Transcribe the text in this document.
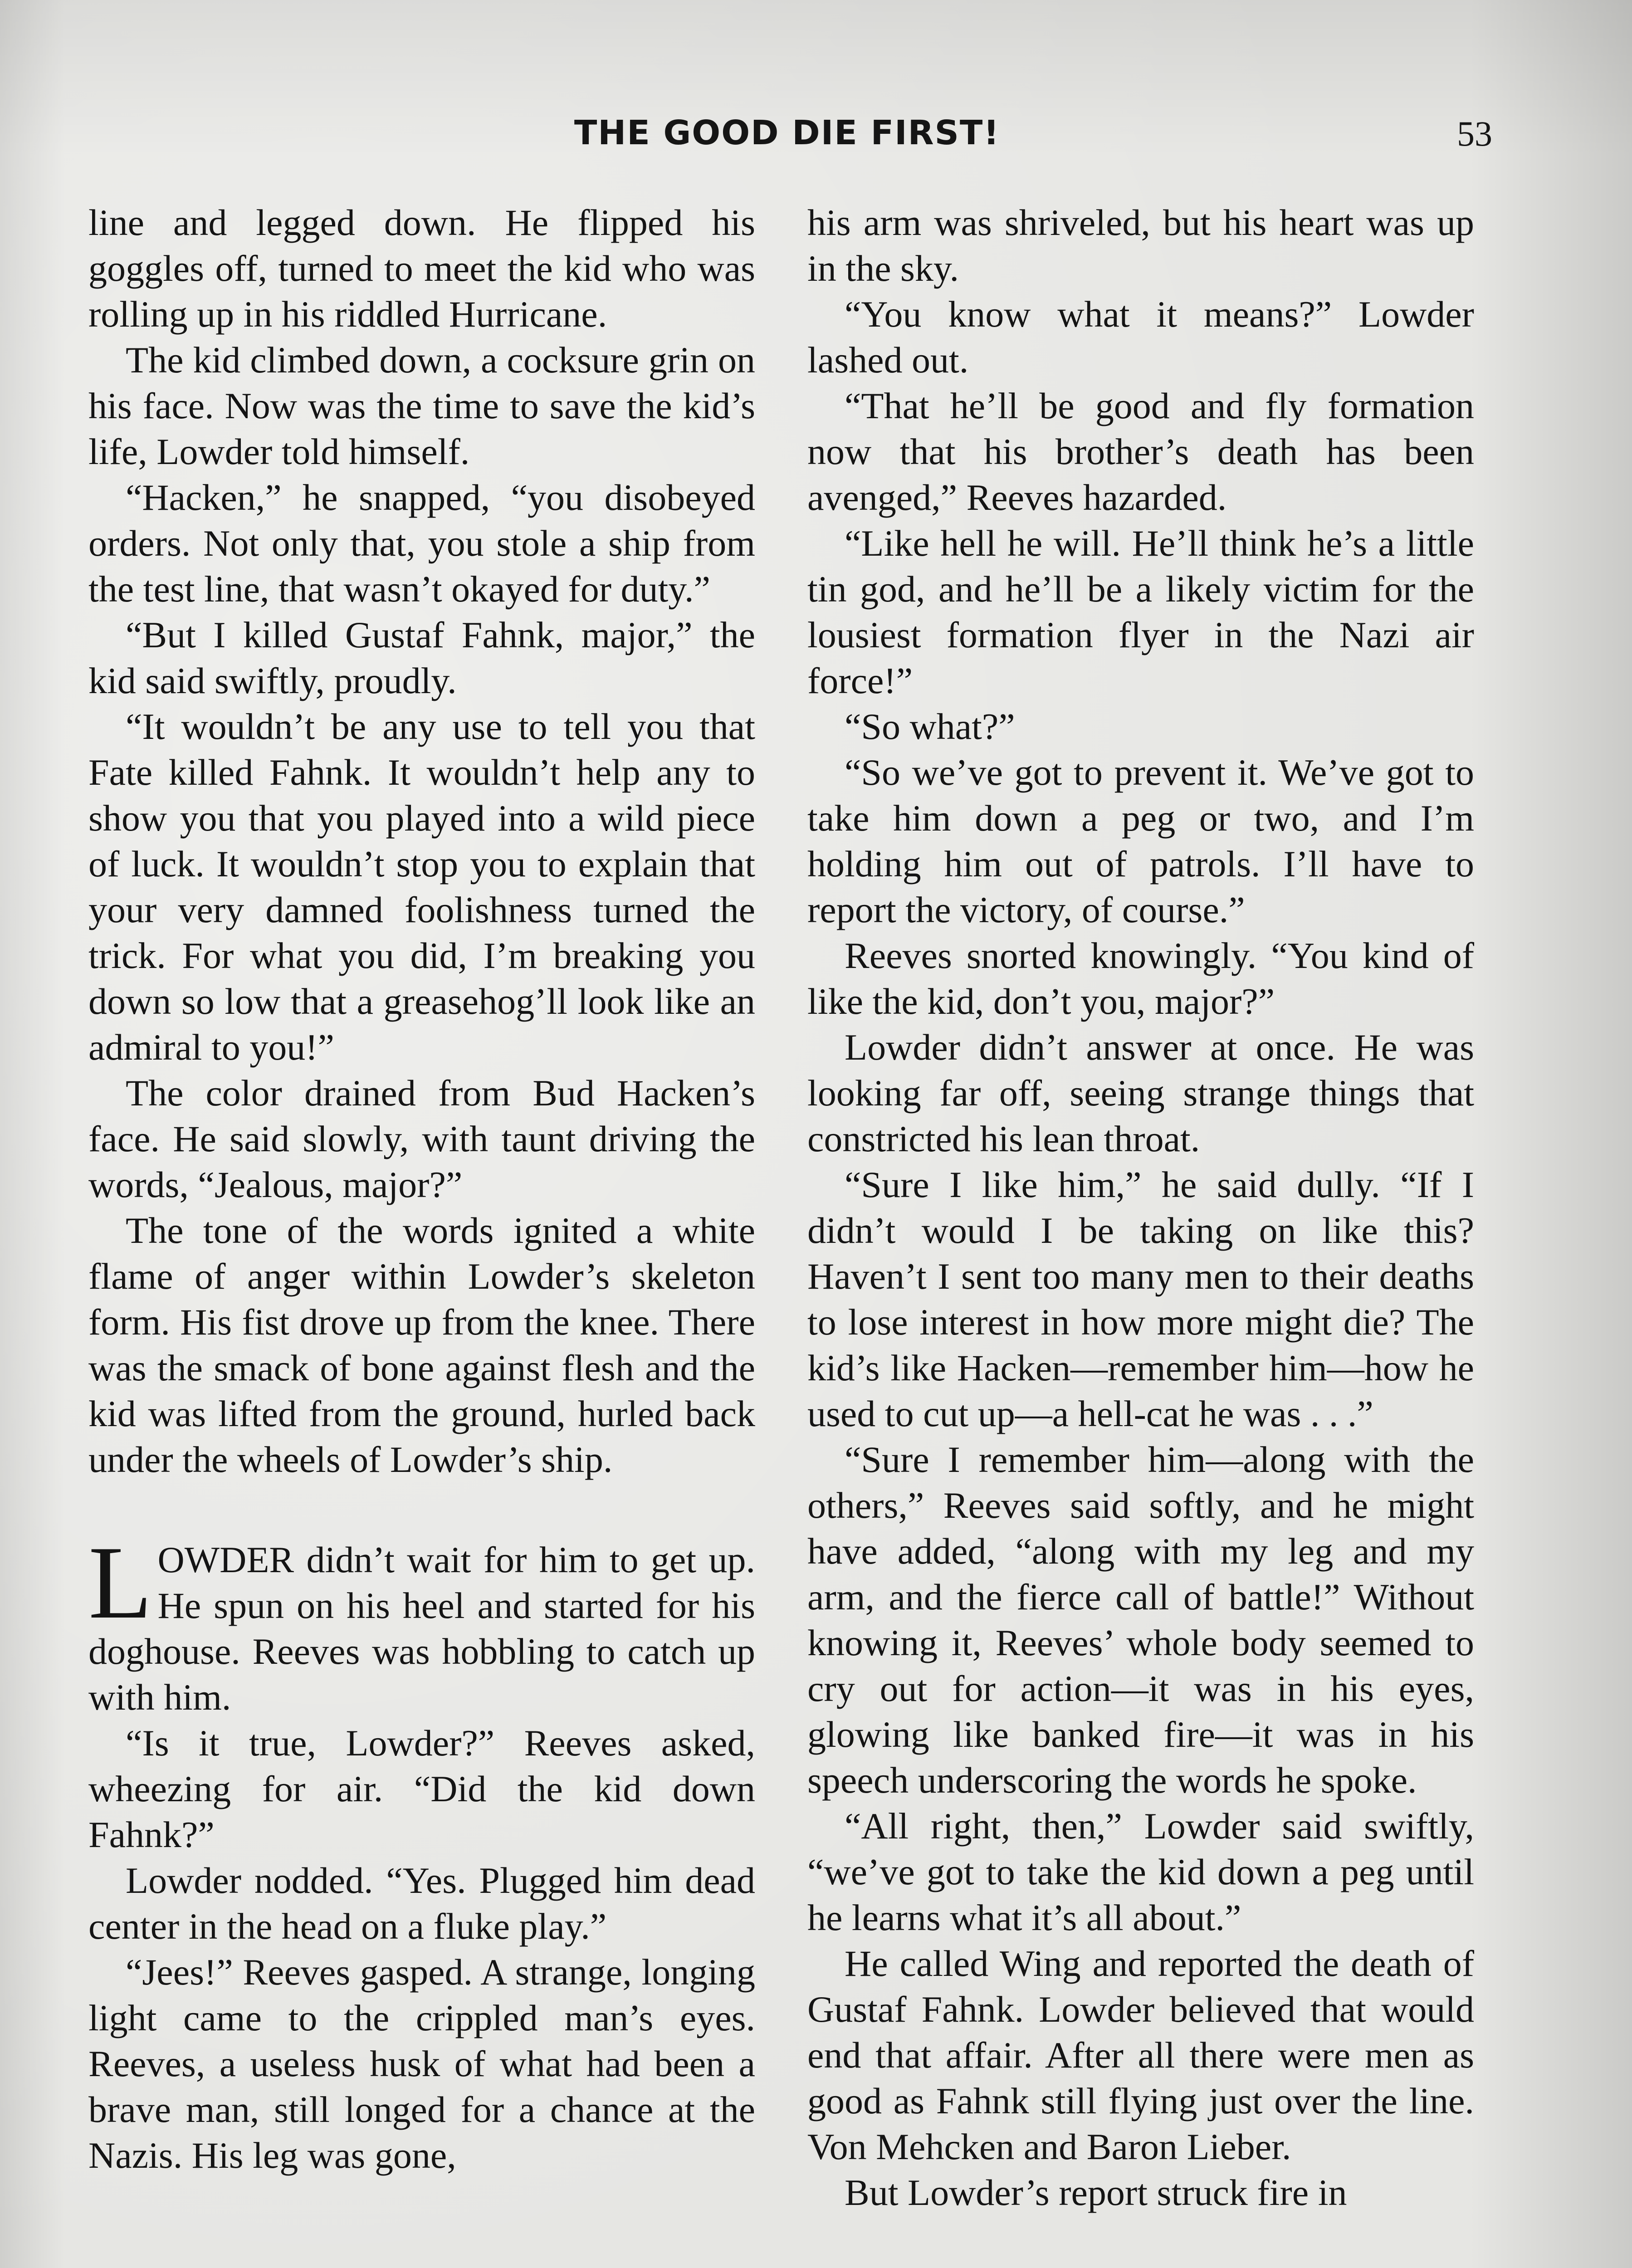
THE GOOD DIE FIRST!	53

line and legged down. He flipped his goggles off, turned to meet the kid who was rolling up in his riddled Hurricane.

The kid climbed down, a cocksure grin on his face. Now was the time to save the kid’s life, Lowder told himself.

“Hacken,” he snapped, “you disobeyed orders. Not only that, you stole a ship from the test line, that wasn’t okayed for duty.”

“But I killed Gustaf Fahnk, major,” the kid said swiftly, proudly.

“It wouldn’t be any use to tell you that Fate killed Fahnk. It wouldn’t help any to show you that you played into a wild piece of luck. It wouldn’t stop you to explain that your very damned foolishness turned the trick. For what you did, I’m breaking you down so low that a greasehog’ll look like an admiral to you!”

The color drained from Bud Hacken’s face. He said slowly, with taunt driving the words, “Jealous, major?”

The tone of the words ignited a white flame of anger within Lowder’s skeleton form. His fist drove up from the knee. There was the smack of bone against flesh and the kid was lifted from the ground, hurled back under the wheels of Lowder’s ship.

LOWDER didn’t wait for him to get up. He spun on his heel and started for his doghouse. Reeves was hobbling to catch up with him.

“Is it true, Lowder?” Reeves asked, wheezing for air. “Did the kid down Fahnk?”

Lowder nodded. “Yes. Plugged him dead center in the head on a fluke play.”

“Jees!” Reeves gasped. A strange, longing light came to the crippled man’s eyes. Reeves, a useless husk of what had been a brave man, still longed for a chance at the Nazis. His leg was gone,

his arm was shriveled, but his heart was up in the sky.

“You know what it means?” Lowder lashed out.

“That he’ll be good and fly formation now that his brother’s death has been avenged,” Reeves hazarded.

“Like hell he will. He’ll think he’s a little tin god, and he’ll be a likely victim for the lousiest formation flyer in the Nazi air force!”

“So what?”

“So we’ve got to prevent it. We’ve got to take him down a peg or two, and I’m holding him out of patrols. I’ll have to report the victory, of course.”

Reeves snorted knowingly. “You kind of like the kid, don’t you, major?”

Lowder didn’t answer at once. He was looking far off, seeing strange things that constricted his lean throat.

“Sure I like him,” he said dully. “If I didn’t would I be taking on like this? Haven’t I sent too many men to their deaths to lose interest in how more might die? The kid’s like Hacken—remember him—how he used to cut up—a hell-cat he was . . .”

“Sure I remember him—along with the others,” Reeves said softly, and he might have added, “along with my leg and my arm, and the fierce call of battle!” Without knowing it, Reeves’ whole body seemed to cry out for action—it was in his eyes, glowing like banked fire—it was in his speech underscoring the words he spoke.

“All right, then,” Lowder said swiftly, “we’ve got to take the kid down a peg until he learns what it’s all about.”

He called Wing and reported the death of Gustaf Fahnk. Lowder believed that would end that affair. After all there were men as good as Fahnk still flying just over the line. Von Mehcken and Baron Lieber.

But Lowder’s report struck fire in
